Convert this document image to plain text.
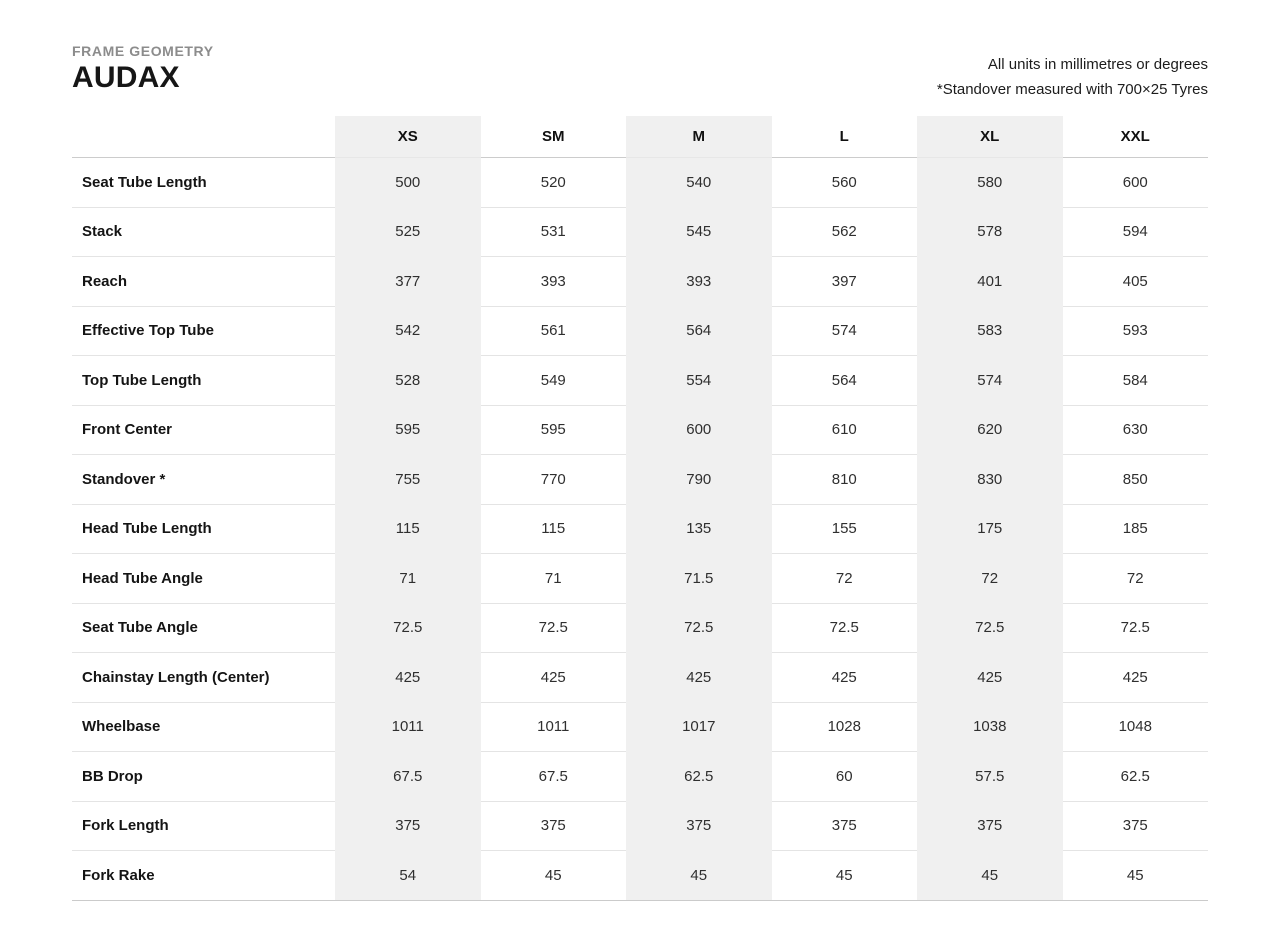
FRAME GEOMETRY
AUDAX	All units in millimetres or degrees
*Standover measured with 700×25 Tyres
	XS	SM	M	L	XL	XXL
Seat Tube Length	500	520	540	560	580	600
Stack	525	531	545	562	578	594
Reach	377	393	393	397	401	405
Effective Top Tube	542	561	564	574	583	593
Top Tube Length	528	549	554	564	574	584
Front Center	595	595	600	610	620	630
Standover *	755	770	790	810	830	850
Head Tube Length	115	115	135	155	175	185
Head Tube Angle	71	71	71.5	72	72	72
Seat Tube Angle	72.5	72.5	72.5	72.5	72.5	72.5
Chainstay Length (Center)	425	425	425	425	425	425
Wheelbase	1011	1011	1017	1028	1038	1048
BB Drop	67.5	67.5	62.5	60	57.5	62.5
Fork Length	375	375	375	375	375	375
Fork Rake	54	45	45	45	45	45
